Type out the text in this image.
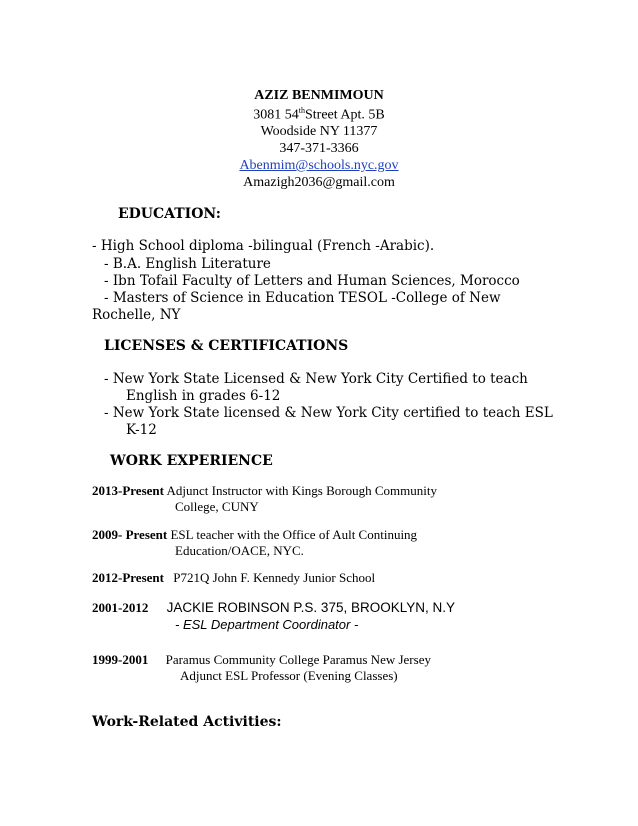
AZIZ BENMIMOUN
3081 54thStreet Apt. 5B
Woodside NY 11377
347-371-3366
Abenmim@schools.nyc.gov
Amazigh2036@gmail.com
EDUCATION:
- High School diploma -bilingual (French -Arabic).
- B.A. English Literature
- Ibn Tofail Faculty of Letters and Human Sciences, Morocco
- Masters of Science in Education TESOL -College of New
Rochelle, NY
LICENSES & CERTIFICATIONS
- New York State Licensed & New York City Certified to teach
English in grades 6-12
- New York State licensed & New York City certified to teach ESL
K-12
WORK EXPERIENCE
2013-Present Adjunct Instructor with Kings Borough Community
College, CUNY
2009- Present ESL teacher with the Office of Ault Continuing
Education/OACE, NYC.
2012-Present P721Q John F. Kennedy Junior School
2001-2012 JACKIE ROBINSON P.S. 375, BROOKLYN, N.Y
- ESL Department Coordinator -
1999-2001 Paramus Community College Paramus New Jersey
Adjunct ESL Professor (Evening Classes)
Work-Related Activities:
